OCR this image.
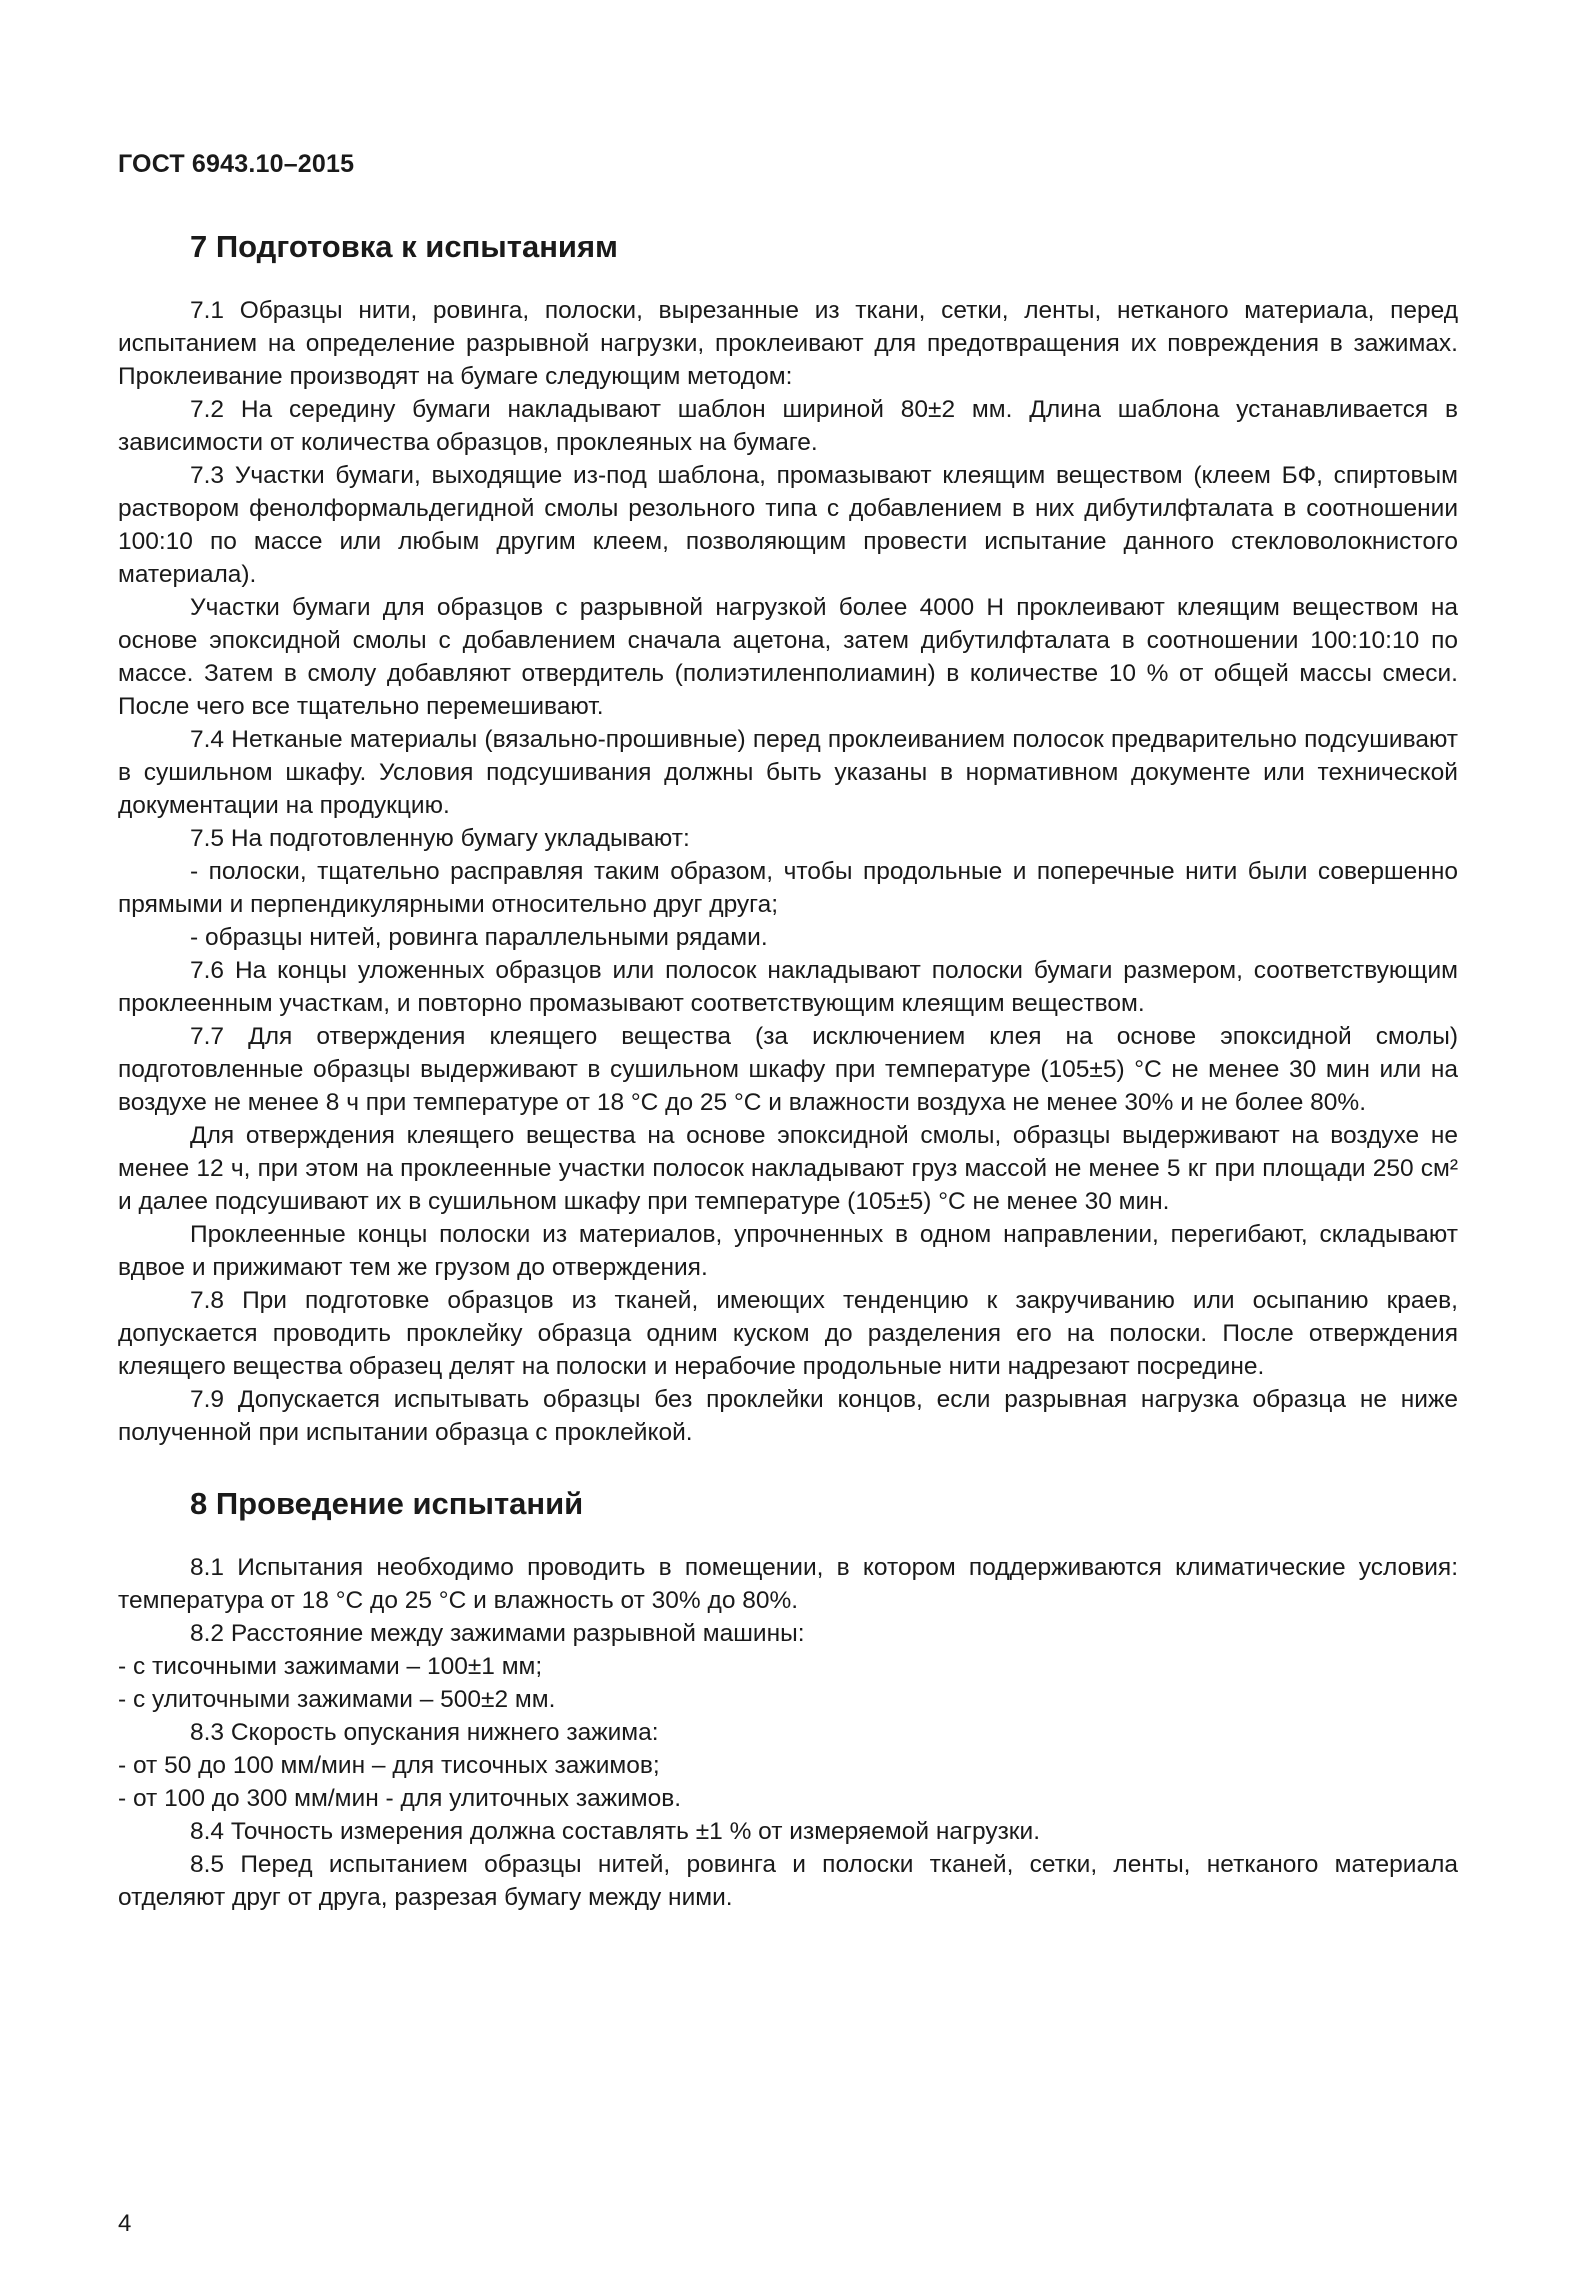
ГОСТ 6943.10–2015
7 Подготовка к испытаниям

7.1 Образцы нити, ровинга, полоски, вырезанные из ткани, сетки, ленты, нетканого материала, перед испытанием на определение разрывной нагрузки, проклеивают для предотвращения их повреждения в зажимах. Проклеивание производят на бумаге следующим методом:

7.2 На середину бумаги накладывают шаблон шириной 80±2 мм. Длина шаблона устанавливается в зависимости от количества образцов, проклеяных на бумаге.

7.3 Участки бумаги, выходящие из-под шаблона, промазывают клеящим веществом (клеем БФ, спиртовым раствором фенолформальдегидной смолы резольного типа с добавлением в них дибутилфталата в соотношении 100:10 по массе или любым другим клеем, позволяющим провести испытание данного стекловолокнистого материала).

Участки бумаги для образцов с разрывной нагрузкой более 4000 Н проклеивают клеящим веществом на основе эпоксидной смолы с добавлением сначала ацетона, затем дибутилфталата в соотношении 100:10:10 по массе. Затем в смолу добавляют отвердитель (полиэтиленполиамин) в количестве 10 % от общей массы смеси. После чего все тщательно перемешивают.

7.4 Нетканые материалы (вязально-прошивные) перед проклеиванием полосок предварительно подсушивают в сушильном шкафу. Условия подсушивания должны быть указаны в нормативном документе или технической документации на продукцию.

7.5 На подготовленную бумагу укладывают:

- полоски, тщательно расправляя таким образом, чтобы продольные и поперечные нити были совершенно прямыми и перпендикулярными относительно друг друга;

- образцы нитей, ровинга параллельными рядами.

7.6 На концы уложенных образцов или полосок накладывают полоски бумаги размером, соответствующим проклеенным участкам, и повторно промазывают соответствующим клеящим веществом.

7.7 Для отверждения клеящего вещества (за исключением клея на основе эпоксидной смолы) подготовленные образцы выдерживают в сушильном шкафу при температуре (105±5) °С не менее 30 мин или на воздухе не менее 8 ч при температуре от 18 °С до 25 °С и влажности воздуха не менее 30% и не более 80%.

Для отверждения клеящего вещества на основе эпоксидной смолы, образцы выдерживают на воздухе не менее 12 ч, при этом на проклеенные участки полосок накладывают груз массой не менее 5 кг при площади 250 см² и далее подсушивают их в сушильном шкафу при температуре (105±5) °С не менее 30 мин.

Проклеенные концы полоски из материалов, упрочненных в одном направлении, перегибают, складывают вдвое и прижимают тем же грузом до отверждения.

7.8 При подготовке образцов из тканей, имеющих тенденцию к закручиванию или осыпанию краев, допускается проводить проклейку образца одним куском до разделения его на полоски. После отверждения клеящего вещества образец делят на полоски и нерабочие продольные нити надрезают посредине.

7.9 Допускается испытывать образцы без проклейки концов, если разрывная нагрузка образца не ниже полученной при испытании образца с проклейкой.

8 Проведение испытаний

8.1 Испытания необходимо проводить в помещении, в котором поддерживаются климатические условия: температура от 18 °С до 25 °С и влажность от 30% до 80%.

8.2 Расстояние между зажимами разрывной машины:

- с тисочными зажимами – 100±1 мм;

- с улиточными зажимами – 500±2 мм.

8.3 Скорость опускания нижнего зажима:

- от 50 до 100 мм/мин – для тисочных зажимов;

- от 100 до 300 мм/мин - для улиточных зажимов.

8.4 Точность измерения должна составлять ±1 % от измеряемой нагрузки.

8.5 Перед испытанием образцы нитей, ровинга и полоски тканей, сетки, ленты, нетканого материала отделяют друг от друга, разрезая бумагу между ними.

4
